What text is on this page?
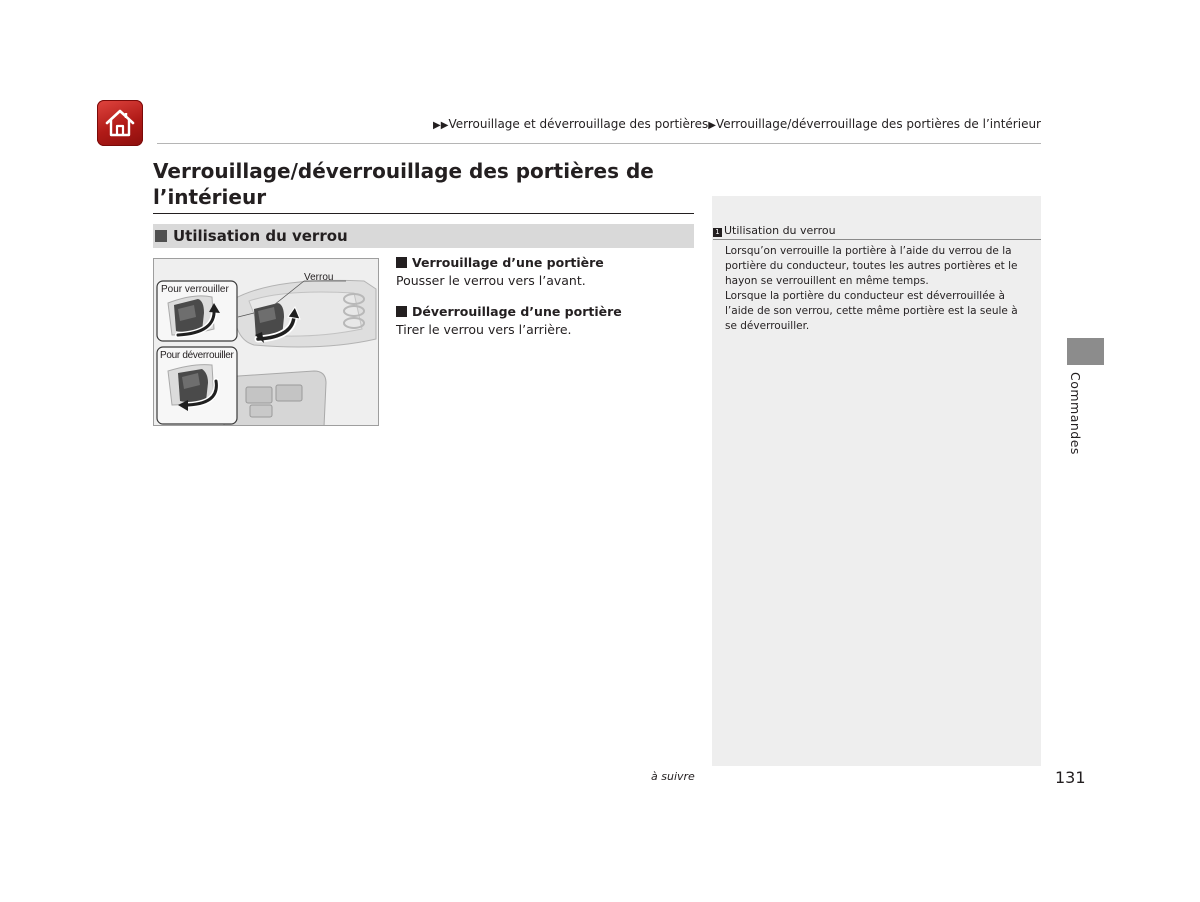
▶▶Verrouillage et déverrouillage des portières▶Verrouillage/déverrouillage des portières de l’intérieur
Verrouillage/déverrouillage des portières de
l’intérieur
Utilisation du verrou
Verrou
Pour verrouiller
Pour déverrouiller
Verrouillage d’une portière
Pousser le verrou vers l’avant.
Déverrouillage d’une portière
Tirer le verrou vers l’arrière.
1 Utilisation du verrou

Lorsqu’on verrouille la portière à l’aide du verrou de la portière du conducteur, toutes les autres portières et le hayon se verrouillent en même temps.

Lorsque la portière du conducteur est déverrouillée à l’aide de son verrou, cette même portière est la seule à se déverrouiller.

Commandes
à suivre	131
